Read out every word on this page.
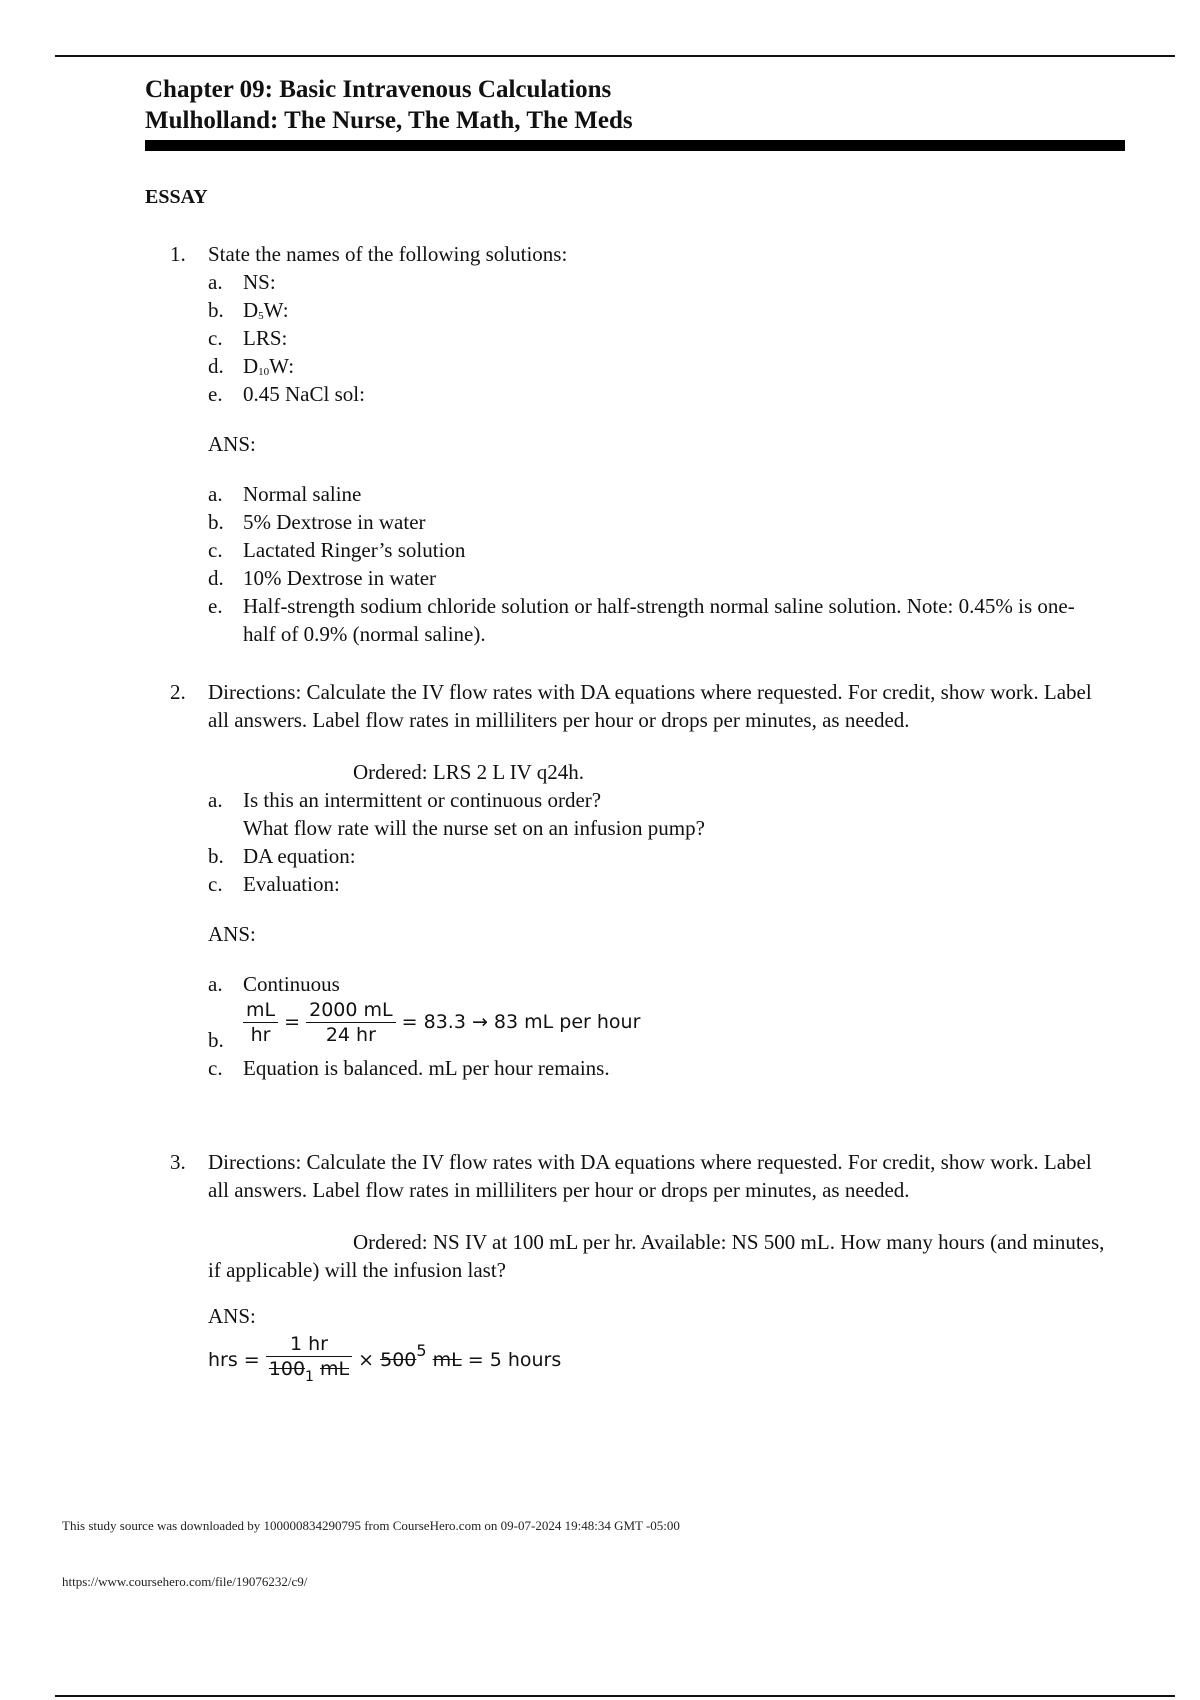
Chapter 09: Basic Intravenous Calculations
Mulholland: The Nurse, The Math, The Meds
ESSAY
1. State the names of the following solutions:
a. NS:
b. $D_5W$:
c. LRS:
d. $D_{10}W$:
e. 0.45 NaCl sol:
ANS:
a. Normal saline
b. 5% Dextrose in water
c. Lactated Ringer’s solution
d. 10% Dextrose in water
e. Half-strength sodium chloride solution or half-strength normal saline solution. Note: 0.45% is one-half of 0.9% (normal saline).
2. Directions: Calculate the IV flow rates with DA equations where requested. For credit, show work. Label all answers. Label flow rates in milliliters per hour or drops per minutes, as needed.
Ordered: LRS 2 L IV q24h.
a. Is this an intermittent or continuous order?
What flow rate will the nurse set on an infusion pump?
b. DA equation:
c. Evaluation:
ANS:
a. Continuous
b. $\frac{mL}{hr} = \frac{2000 mL}{24 hr} = 83.3 \to 83$ mL per hour
c. Equation is balanced. mL per hour remains.
3. Directions: Calculate the IV flow rates with DA equations where requested. For credit, show work. Label all answers. Label flow rates in milliliters per hour or drops per minutes, as needed.
Ordered: NS IV at 100 mL per hr. Available: NS 500 mL. How many hours (and minutes, if applicable) will the infusion last?
ANS:
hrs = $\frac{1 hr}{100_1 mL} \times 500^5$ mL = 5 hours
This study source was downloaded by 100000834290795 from CourseHero.com on 09-07-2024 19:48:34 GMT -05:00
https://www.coursehero.com/file/19076232/c9/
